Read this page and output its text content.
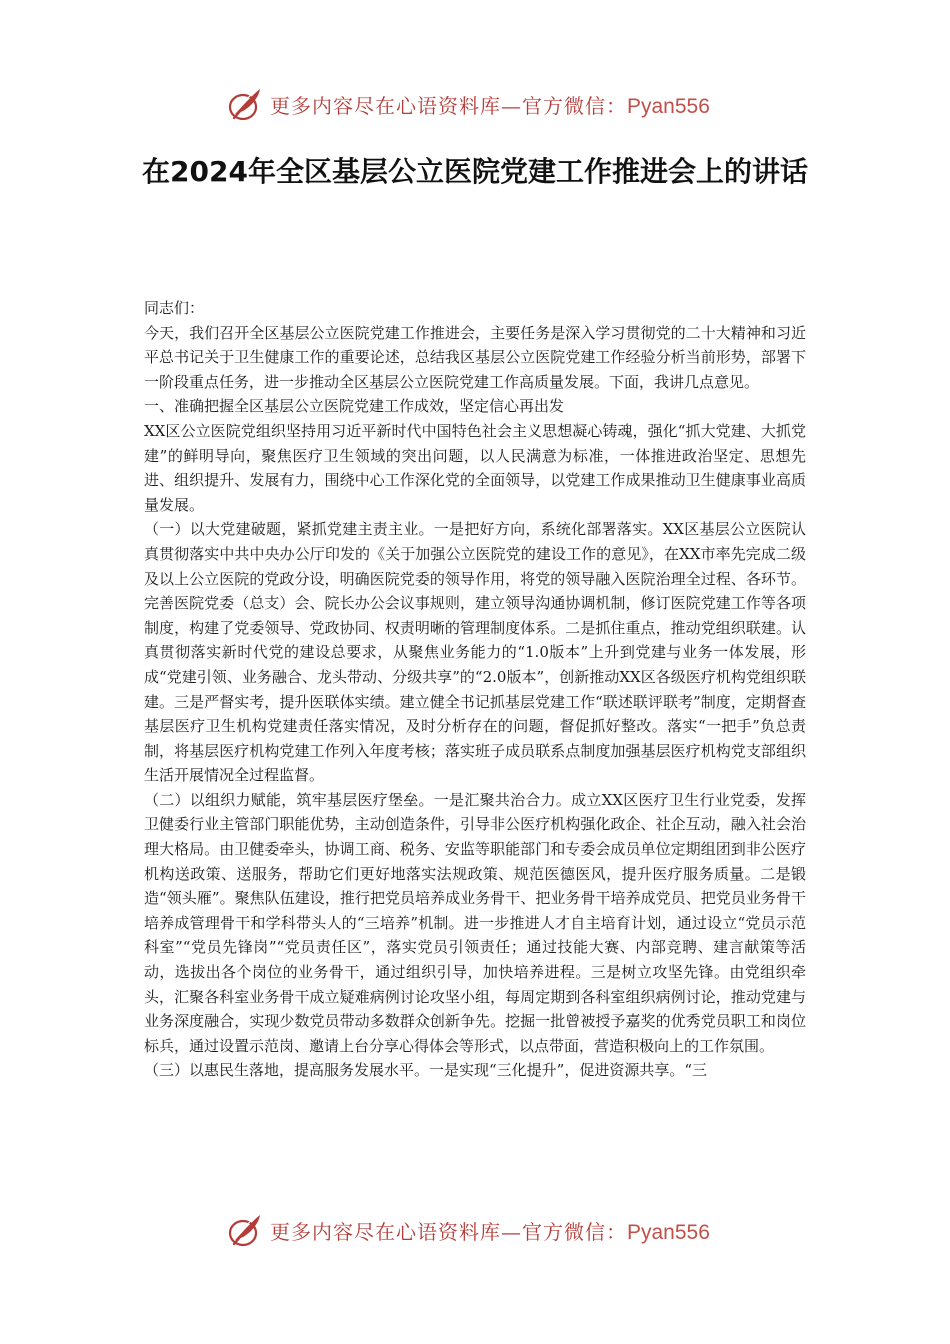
更多内容尽在心语资料库—官方微信：Pyan556
在2024年全区基层公立医院党建工作推进会上的讲话

同志们：

今天，我们召开全区基层公立医院党建工作推进会，主要任务是深入学习贯彻党的二十大精神和习近平总书记关于卫生健康工作的重要论述，总结我区基层公立医院党建工作经验分析当前形势，部署下一阶段重点任务，进一步推动全区基层公立医院党建工作高质量发展。下面，我讲几点意见。

一、准确把握全区基层公立医院党建工作成效，坚定信心再出发

XX区公立医院党组织坚持用习近平新时代中国特色社会主义思想凝心铸魂，强化“抓大党建、大抓党建”的鲜明导向，聚焦医疗卫生领域的突出问题，以人民满意为标准，一体推进政治坚定、思想先进、组织提升、发展有力，围绕中心工作深化党的全面领导，以党建工作成果推动卫生健康事业高质量发展。

（一）以大党建破题，紧抓党建主责主业。一是把好方向，系统化部署落实。XX区基层公立医院认真贯彻落实中共中央办公厅印发的《关于加强公立医院党的建设工作的意见》，在XX市率先完成二级及以上公立医院的党政分设，明确医院党委的领导作用，将党的领导融入医院治理全过程、各环节。完善医院党委（总支）会、院长办公会议事规则，建立领导沟通协调机制，修订医院党建工作等各项制度，构建了党委领导、党政协同、权责明晰的管理制度体系。二是抓住重点，推动党组织联建。认真贯彻落实新时代党的建设总要求，从聚焦业务能力的“1.0版本”上升到党建与业务一体发展，形成“党建引领、业务融合、龙头带动、分级共享”的“2.0版本”，创新推动XX区各级医疗机构党组织联建。三是严督实考，提升医联体实绩。建立健全书记抓基层党建工作“联述联评联考”制度，定期督查基层医疗卫生机构党建责任落实情况，及时分析存在的问题，督促抓好整改。落实“一把手”负总责制，将基层医疗机构党建工作列入年度考核；落实班子成员联系点制度加强基层医疗机构党支部组织生活开展情况全过程监督。

（二）以组织力赋能，筑牢基层医疗堡垒。一是汇聚共治合力。成立XX区医疗卫生行业党委，发挥卫健委行业主管部门职能优势，主动创造条件，引导非公医疗机构强化政企、社企互动，融入社会治理大格局。由卫健委牵头，协调工商、税务、安监等职能部门和专委会成员单位定期组团到非公医疗机构送政策、送服务，帮助它们更好地落实法规政策、规范医德医风，提升医疗服务质量。二是锻造“领头雁”。聚焦队伍建设，推行把党员培养成业务骨干、把业务骨干培养成党员、把党员业务骨干培养成管理骨干和学科带头人的“三培养”机制。进一步推进人才自主培育计划，通过设立“党员示范科室”“党员先锋岗”“党员责任区”，落实党员引领责任；通过技能大赛、内部竞聘、建言献策等活动，选拔出各个岗位的业务骨干，通过组织引导，加快培养进程。三是树立攻坚先锋。由党组织牵头，汇聚各科室业务骨干成立疑难病例讨论攻坚小组，每周定期到各科室组织病例讨论，推动党建与业务深度融合，实现少数党员带动多数群众创新争先。挖掘一批曾被授予嘉奖的优秀党员职工和岗位标兵，通过设置示范岗、邀请上台分享心得体会等形式，以点带面，营造积极向上的工作氛围。

（三）以惠民生落地，提高服务发展水平。一是实现“三化提升”，促进资源共享。“三

更多内容尽在心语资料库—官方微信：Pyan556
